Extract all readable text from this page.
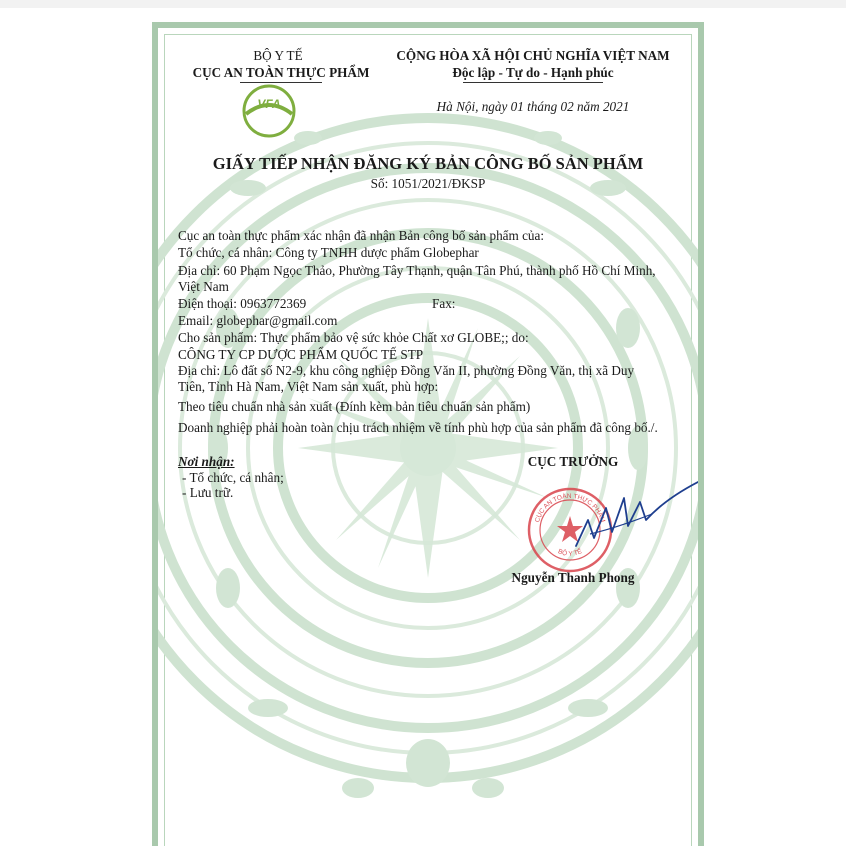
BỘ Y TẾ
CỤC AN TOÀN THỰC PHẨM
VFA
CỘNG HÒA XÃ HỘI CHỦ NGHĨA VIỆT NAM
Độc lập - Tự do - Hạnh phúc
Hà Nội, ngày 01 tháng 02 năm 2021
GIẤY TIẾP NHẬN ĐĂNG KÝ BẢN CÔNG BỐ SẢN PHẨM
Số: 1051/2021/ĐKSP
Cục an toàn thực phẩm xác nhận đã nhận Bản công bố sản phẩm của:
Tổ chức, cá nhân: Công ty TNHH dược phẩm Globephar
Địa chỉ: 60 Phạm Ngọc Thảo, Phường Tây Thạnh, quận Tân Phú, thành phố Hồ Chí Minh,
Việt Nam
Điện thoại: 0963772369	Fax:
Email: globephar@gmail.com
Cho sản phẩm: Thực phẩm bảo vệ sức khỏe Chất xơ GLOBE;; do:
CÔNG TY CP DƯỢC PHẨM QUỐC TẾ STP
Địa chỉ: Lô đất số N2-9, khu công nghiệp Đồng Văn II, phường Đồng Văn, thị xã Duy
Tiên, Tỉnh Hà Nam, Việt Nam sản xuất, phù hợp:
Theo tiêu chuẩn nhà sản xuất (Đính kèm bản tiêu chuẩn sản phẩm)
Doanh nghiệp phải hoàn toàn chịu trách nhiệm về tính phù hợp của sản phẩm đã công bố./.
Nơi nhận:
- Tổ chức, cá nhân;
- Lưu trữ.
CỤC TRƯỞNG
CỤC AN TOÀN THỰC PHẨM
BỘ Y TẾ
Nguyễn Thanh Phong
